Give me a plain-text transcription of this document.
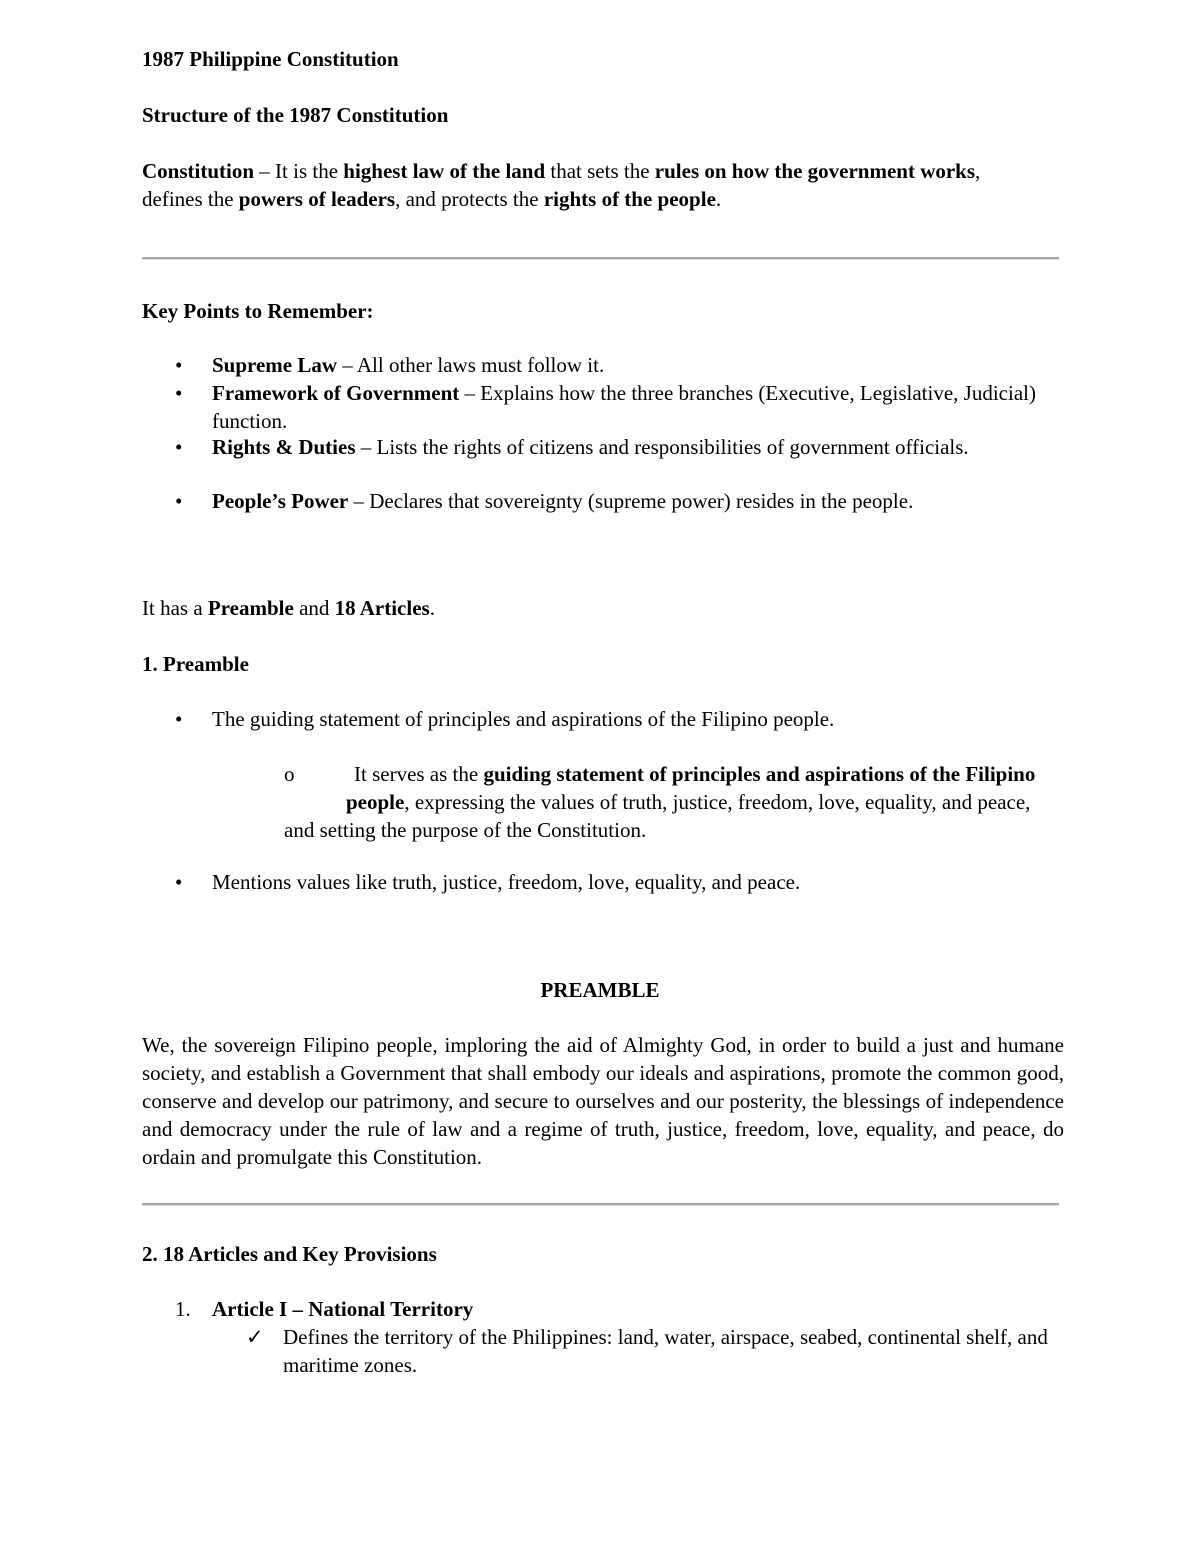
1987 Philippine Constitution
Structure of the 1987 Constitution
Constitution – It is the highest law of the land that sets the rules on how the government works, defines the powers of leaders, and protects the rights of the people.
Key Points to Remember:
• Supreme Law – All other laws must follow it.
• Framework of Government – Explains how the three branches (Executive, Legislative, Judicial) function.
• Rights & Duties – Lists the rights of citizens and responsibilities of government officials.
• People’s Power – Declares that sovereignty (supreme power) resides in the people.
It has a Preamble and 18 Articles.
1. Preamble
• The guiding statement of principles and aspirations of the Filipino people.
o	It serves as the guiding statement of principles and aspirations of the Filipinopeople, expressing the values of truth, justice, freedom, love, equality, and peace, and setting the purpose of the Constitution.
• Mentions values like truth, justice, freedom, love, equality, and peace.
PREAMBLE
We, the sovereign Filipino people, imploring the aid of Almighty God, in order to build a just and humane society, and establish a Government that shall embody our ideals and aspirations, promote the common good, conserve and develop our patrimony, and secure to ourselves and our posterity, the blessings of independence and democracy under the rule of law and a regime of truth, justice, freedom, love, equality, and peace, do ordain and promulgate this Constitution.
2. 18 Articles and Key Provisions
1. Article I – National Territory
✓ Defines the territory of the Philippines: land, water, airspace, seabed, continental shelf, and maritime zones.
